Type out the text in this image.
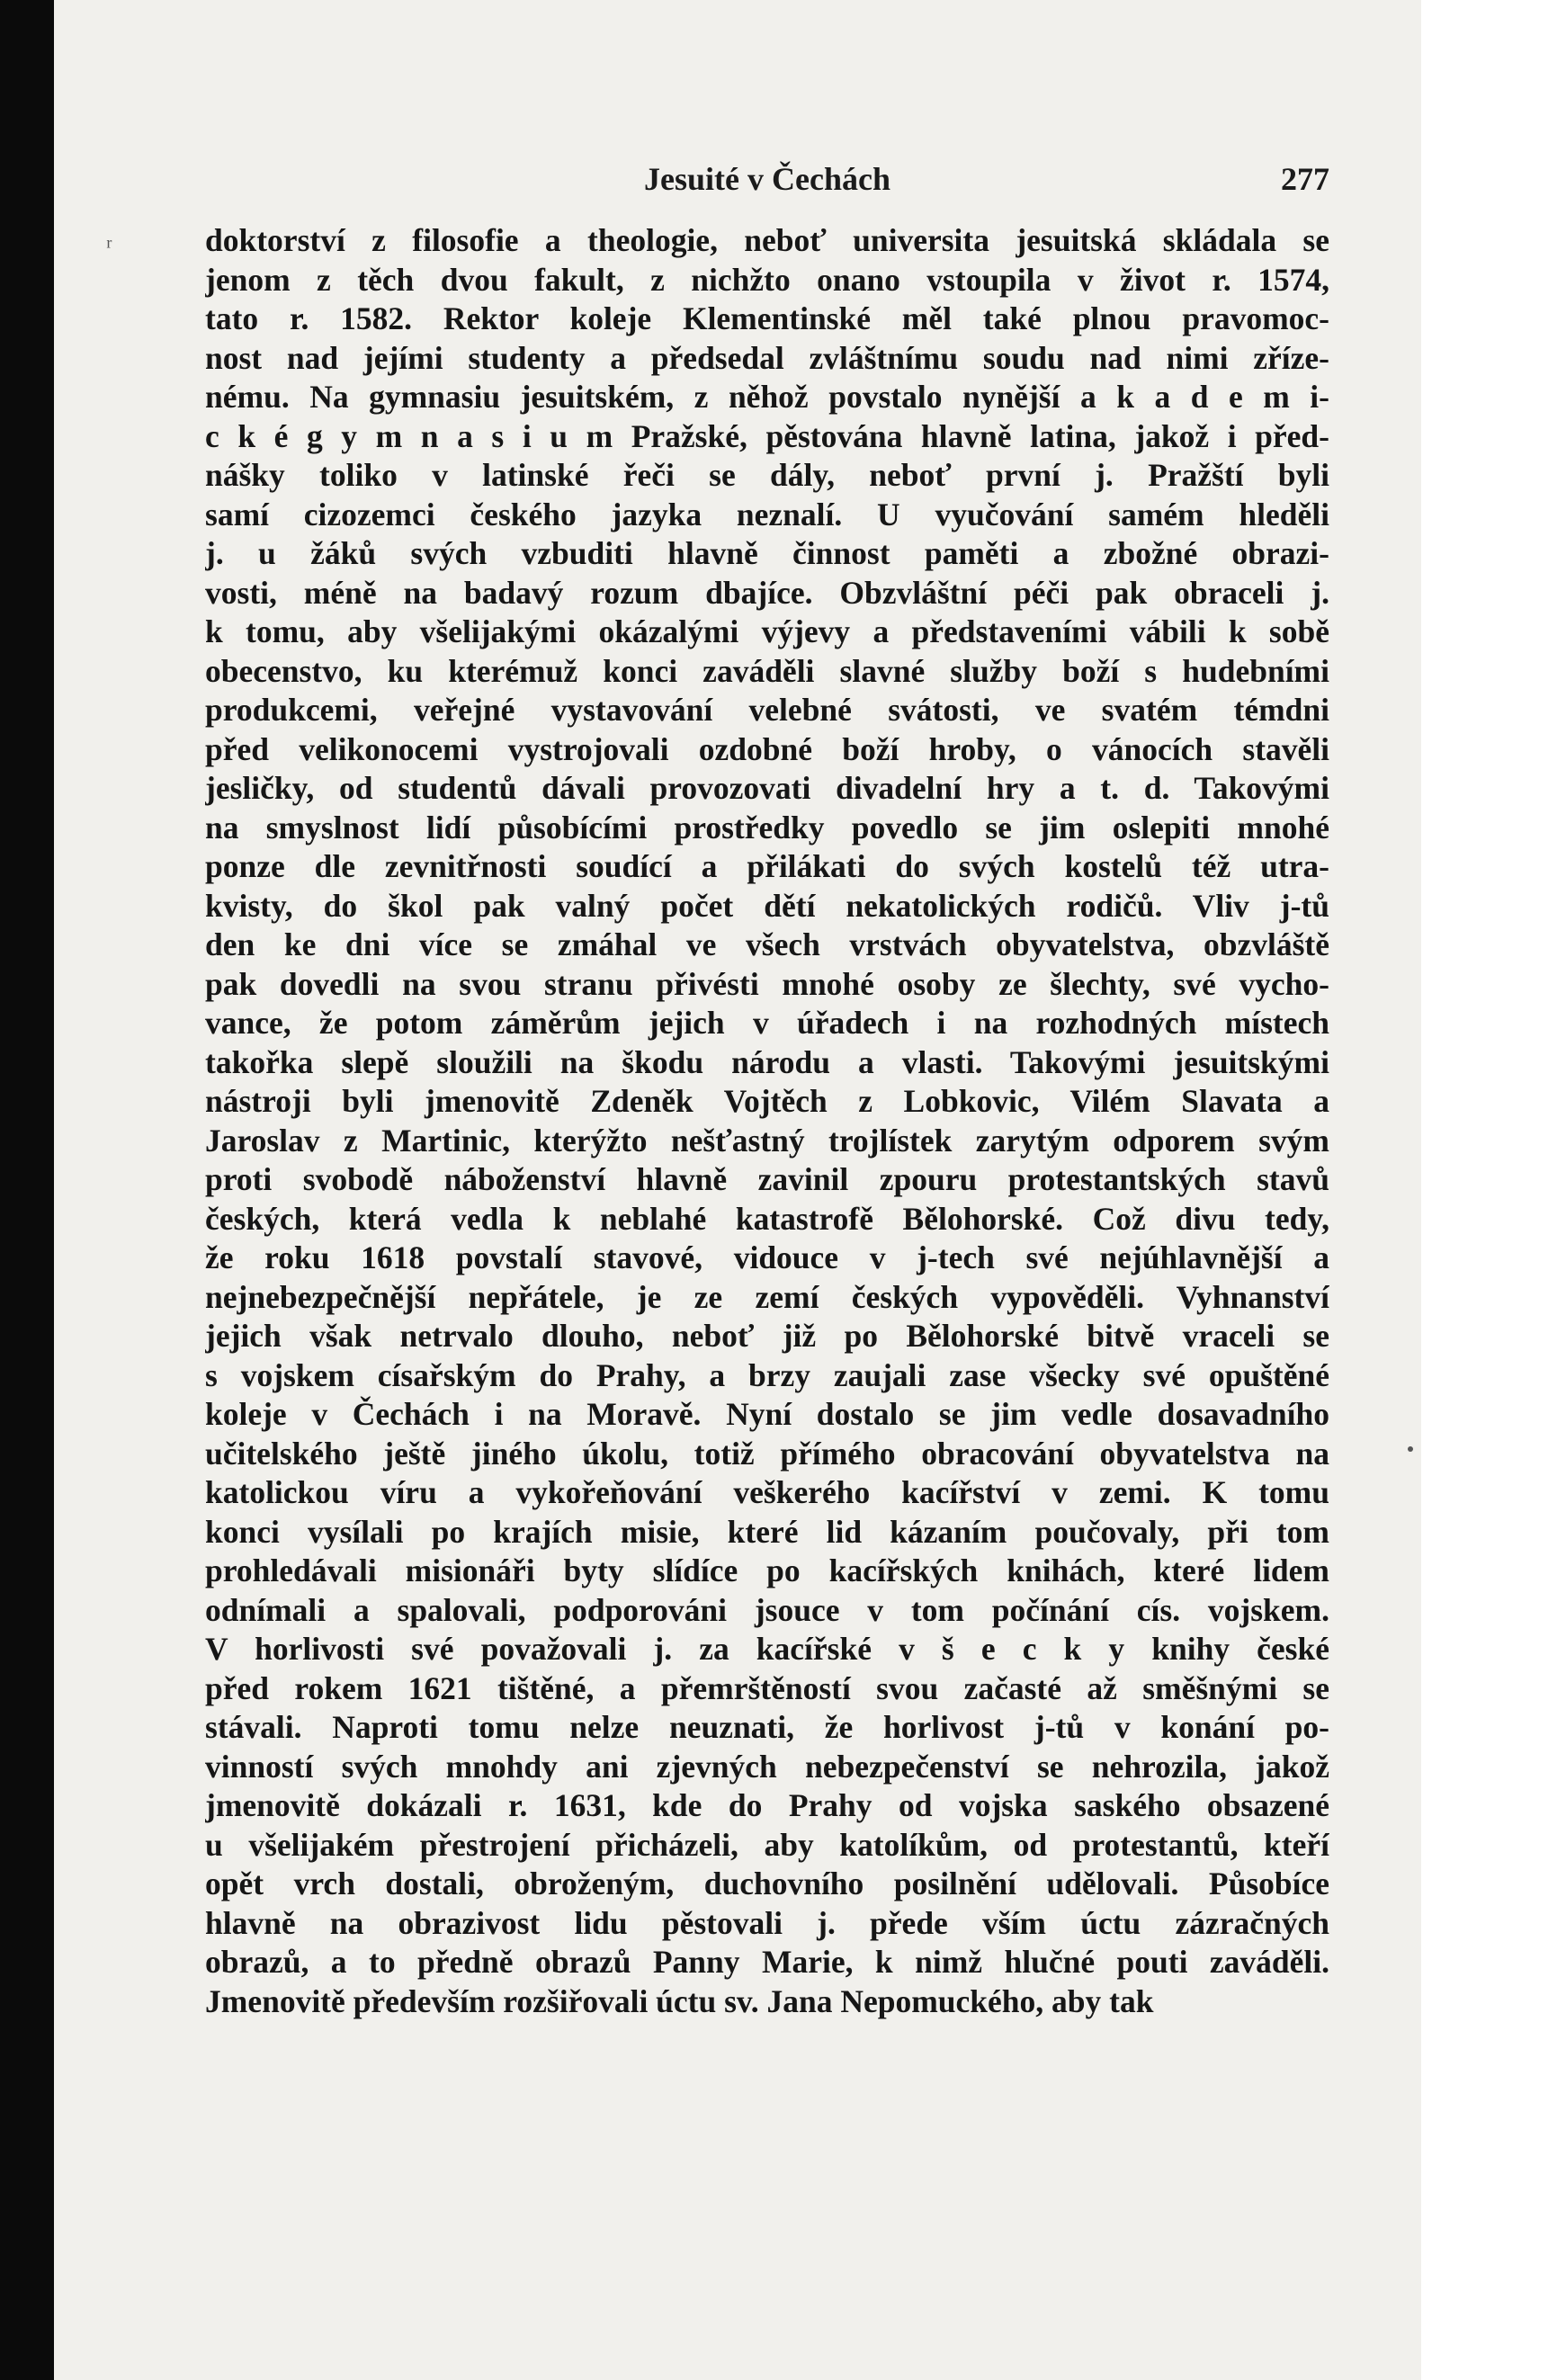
ʳ
Jesuité v Čechách	277
doktorství z filosofie a theologie, neboť universita jesuitská skládala se
jenom z těch dvou fakult, z nichžto onano vstoupila v život r. 1574,
tato r. 1582. Rektor koleje Klementinské měl také plnou pravomoc-
nost nad jejími studenty a předsedal zvláštnímu soudu nad nimi zříze-
nému. Na gymnasiu jesuitském, z něhož povstalo nynější a k a d e m i-
c k é g y m n a s i u m Pražské, pěstována hlavně latina, jakož i před-
nášky toliko v latinské řeči se dály, neboť první j. Pražští byli
samí cizozemci českého jazyka neznalí. U vyučování samém hleděli
j. u žáků svých vzbuditi hlavně činnost paměti a zbožné obrazi-
vosti, méně na badavý rozum dbajíce. Obzvláštní péči pak obraceli j.
k tomu, aby všelijakými okázalými výjevy a představeními vábili k sobě
obecenstvo, ku kterémuž konci zaváděli slavné služby boží s hudebními
produkcemi, veřejné vystavování velebné svátosti, ve svatém témdni
před velikonocemi vystrojovali ozdobné boží hroby, o vánocích stavěli
jesličky, od studentů dávali provozovati divadelní hry a t. d. Takovými
na smyslnost lidí působícími prostředky povedlo se jim oslepiti mnohé
ponze dle zevnitřnosti soudící a přilákati do svých kostelů též utra-
kvisty, do škol pak valný počet dětí nekatolických rodičů. Vliv j-tů
den ke dni více se zmáhal ve všech vrstvách obyvatelstva, obzvláště
pak dovedli na svou stranu přivésti mnohé osoby ze šlechty, své vycho-
vance, že potom záměrům jejich v úřadech i na rozhodných místech
takořka slepě sloužili na škodu národu a vlasti. Takovými jesuitskými
nástroji byli jmenovitě Zdeněk Vojtěch z Lobkovic, Vilém Slavata a
Jaroslav z Martinic, kterýžto nešťastný trojlístek zarytým odporem svým
proti svobodě náboženství hlavně zavinil zpouru protestantských stavů
českých, která vedla k neblahé katastrofě Bělohorské. Což divu tedy,
že roku 1618 povstalí stavové, vidouce v j-tech své nejúhlavnější a
nejnebezpečnější nepřátele, je ze zemí českých vypověděli. Vyhnanství
jejich však netrvalo dlouho, neboť již po Bělohorské bitvě vraceli se
s vojskem císařským do Prahy, a brzy zaujali zase všecky své opuštěné
koleje v Čechách i na Moravě. Nyní dostalo se jim vedle dosavadního
učitelského ještě jiného úkolu, totiž přímého obracování obyvatelstva na
katolickou víru a vykořeňování veškerého kacířství v zemi. K tomu
konci vysílali po krajích misie, které lid kázaním poučovaly, při tom
prohledávali misionáři byty slídíce po kacířských knihách, které lidem
odnímali a spalovali, podporováni jsouce v tom počínání cís. vojskem.
V horlivosti své považovali j. za kacířské v š e c k y knihy české
před rokem 1621 tištěné, a přemrštěností svou začasté až směšnými se
stávali. Naproti tomu nelze neuznati, že horlivost j-tů v konání po-
vinností svých mnohdy ani zjevných nebezpečenství se nehrozila, jakož
jmenovitě dokázali r. 1631, kde do Prahy od vojska saského obsazené
u všelijakém přestrojení přicházeli, aby katolíkům, od protestantů, kteří
opět vrch dostali, obroženým, duchovního posilnění udělovali. Působíce
hlavně na obrazivost lidu pěstovali j. přede vším úctu zázračných
obrazů, a to předně obrazů Panny Marie, k nimž hlučné pouti zaváděli.
Jmenovitě především rozšiřovali úctu sv. Jana Nepomuckého, aby tak
